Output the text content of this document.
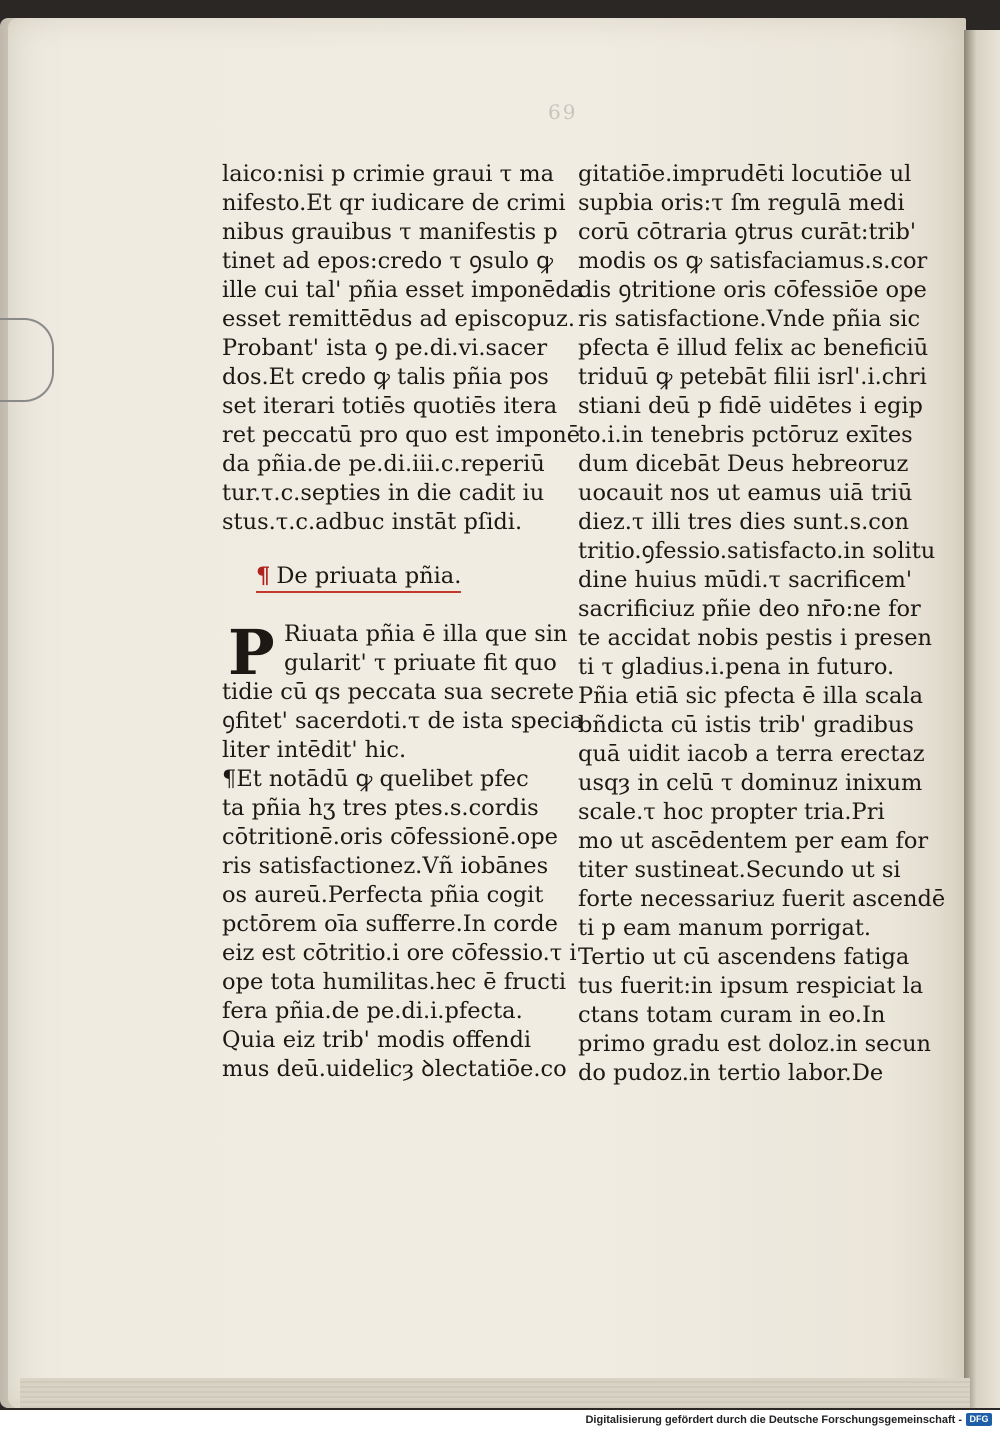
69
laico:nisi p crimie graui τ ma
nifesto.Et qr iudicare de crimi
nibus grauibus τ manifestis p
tinet ad epos:credo τ ꝯsulo ꝙ
ille cui tal' pñia esset imponēda
esset remittēdus ad episcopuz.
Probant' ista ꝯ pe.di.vi.sacer
dos.Et credo ꝙ talis pñia pos
set iterari totiēs quotiēs itera
ret peccatū pro quo est imponē
da pñia.de pe.di.iii.c.reperiū
tur.τ.c.septies in die cadit iu
stus.τ.c.adbuc instāt pſidi.
¶ De priuata pñia.
P Riuata pñia ē illa que sin
gularit' τ priuate fit quo
tidie cū qs peccata sua secrete
ꝯfitet' sacerdoti.τ de ista specia
liter intēdit' hic.
¶Et notādū ꝙ quelibet pfec
ta pñia hʒ tres ptes.s.cordis
cōtritionē.oris cōfessionē.ope
ris satisfactionez.Vñ iobānes
os aureū.Perfecta pñia cogit
pctōrem oīa sufferre.In corde
eiz est cōtritio.i ore cōfessio.τ i
ope tota humilitas.hec ē fructi
fera pñia.de pe.di.i.pfecta.
Quia eiz trib' modis offendi
mus deū.uidelicȝ ꝺlectatiōe.co
gitatiōe.imprudēti locutiōe ul
supbia oris:τ ſm regulā medi
corū cōtraria ꝯtrus curāt:trib'
modis os ꝙ satisfaciamus.s.cor
dis ꝯtritione oris cōfessiōe ope
ris satisfactione.Vnde pñia sic
pfecta ē illud felix ac beneficiū
triduū ꝙ petebāt filii isrl'.i.chri
stiani deū p fidē uidētes i egip
to.i.in tenebris pctōruz exītes
dum dicebāt Deus hebreoruz
uocauit nos ut eamus uiā triū
diez.τ illi tres dies sunt.s.con
tritio.ꝯfessio.satisfacto.in solitu
dine huius mūdi.τ sacrificem'
sacrificiuz pñie deo nr̄o:ne for
te accidat nobis pestis i presen
ti τ gladius.i.pena in futuro.
Pñia etiā sic pfecta ē illa scala
bñdicta cū istis trib' gradibus
quā uidit iacob a terra erectaz
usqȝ in celū τ dominuz inixum
scale.τ hoc propter tria.Pri
mo ut ascēdentem per eam for
titer sustineat.Secundo ut si
forte necessariuz fuerit ascendē
ti p eam manum porrigat.
Tertio ut cū ascendens fatiga
tus fuerit:in ipsum respiciat la
ctans totam curam in eo.In
primo gradu est doloz.in secun
do pudoz.in tertio labor.De
Digitalisierung gefördert durch die Deutsche Forschungsgemeinschaft - DFG
